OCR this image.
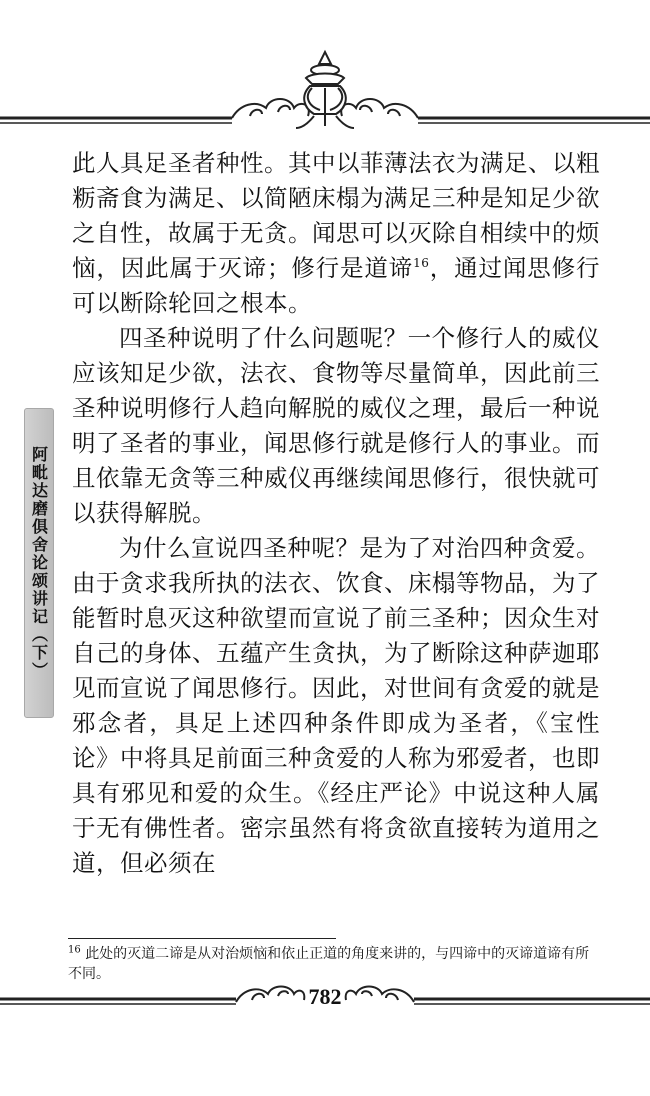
阿毗达磨俱舍论颂讲记（下）

此人具足圣者种性。其中以菲薄法衣为满足、以粗粝斋食为满足、以简陋床榻为满足三种是知足少欲之自性，故属于无贪。闻思可以灭除自相续中的烦恼，因此属于灭谛；修行是道谛$^{16}$，通过闻思修行可以断除轮回之根本。

四圣种说明了什么问题呢？一个修行人的威仪应该知足少欲，法衣、食物等尽量简单，因此前三圣种说明修行人趋向解脱的威仪之理，最后一种说明了圣者的事业，闻思修行就是修行人的事业。而且依靠无贪等三种威仪再继续闻思修行，很快就可以获得解脱。

为什么宣说四圣种呢？是为了对治四种贪爱。由于贪求我所执的法衣、饮食、床榻等物品，为了能暂时息灭这种欲望而宣说了前三圣种；因众生对自己的身体、五蕴产生贪执，为了断除这种萨迦耶见而宣说了闻思修行。因此，对世间有贪爱的就是邪念者，具足上述四种条件即成为圣者，《宝性论》中将具足前面三种贪爱的人称为邪爱者，也即具有邪见和爱的众生。《经庄严论》中说这种人属于无有佛性者。密宗虽然有将贪欲直接转为道用之道，但必须在

$^{16}$ 此处的灭道二谛是从对治烦恼和依止正道的角度来讲的，与四谛中的灭谛道谛有所不同。
782
